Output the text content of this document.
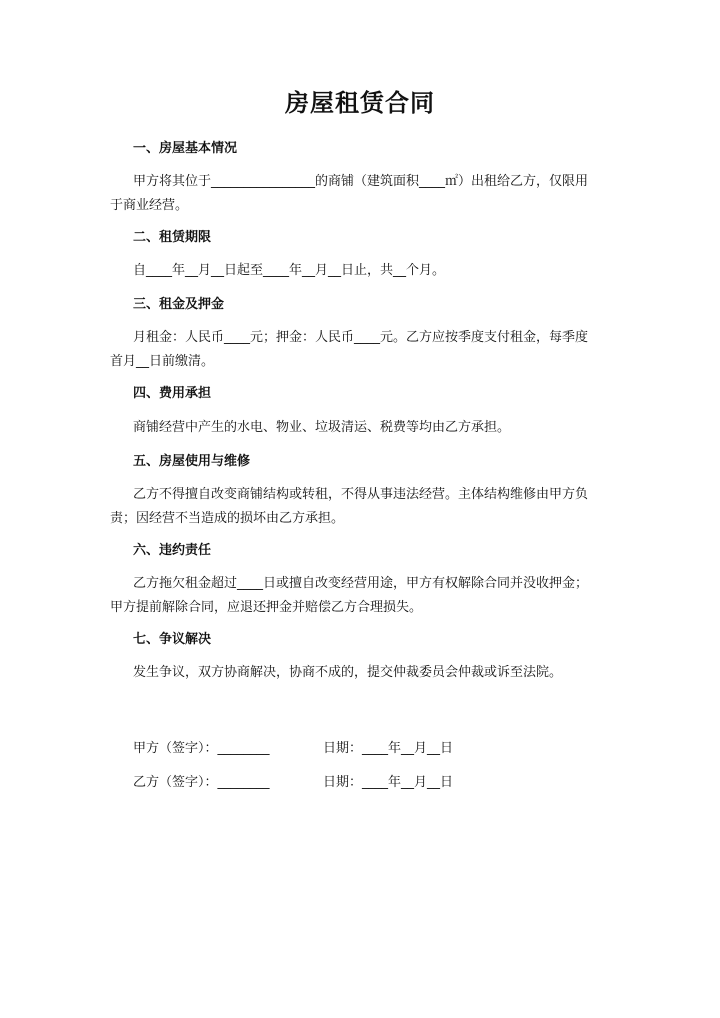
房屋租赁合同
一、房屋基本情况

甲方将其位于________________的商铺（建筑面积____㎡）出租给乙方，仅限用于商业经营。

二、租赁期限
自____年__月__日起至____年__月__日止，共__个月。
三、租金及押金

月租金：人民币____元；押金：人民币____元。乙方应按季度支付租金，每季度首月__日前缴清。

四、费用承担
商铺经营中产生的水电、物业、垃圾清运、税费等均由乙方承担。
五、房屋使用与维修

乙方不得擅自改变商铺结构或转租，不得从事违法经营。主体结构维修由甲方负责；因经营不当造成的损坏由乙方承担。

六、违约责任

乙方拖欠租金超过____日或擅自改变经营用途，甲方有权解除合同并没收押金；甲方提前解除合同，应退还押金并赔偿乙方合理损失。

七、争议解决

发生争议，双方协商解决，协商不成的，提交仲裁委员会仲裁或诉至法院。

甲方（签字）：________	日期：____年__月__日
乙方（签字）：________	日期：____年__月__日
